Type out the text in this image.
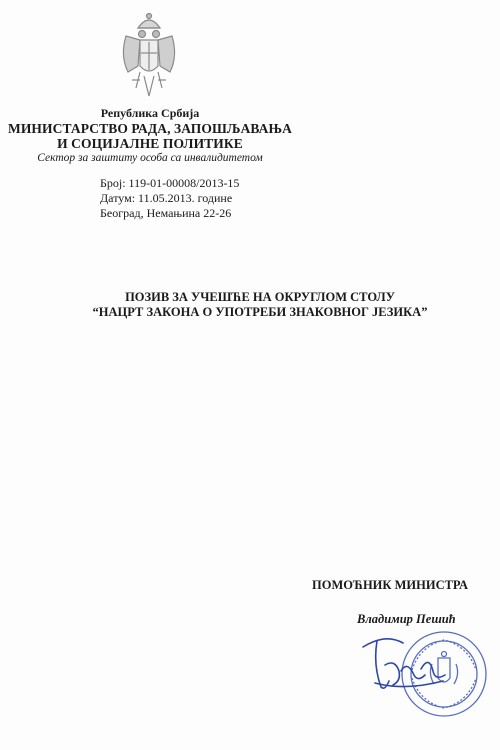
Република Србија
МИНИСТАРСТВО РАДА, ЗАПОШЉАВАЊА
И СОЦИЈАЛНЕ ПОЛИТИКЕ
Сектор за заштиту особа са инвалидитетом
Број: 119-01-00008/2013-15
Датум: 11.05.2013. године
Београд, Немањина 22-26
ПОЗИВ ЗА УЧЕШЋЕ НА ОКРУГЛОМ СТОЛУ
“НАЦРТ ЗАКОНА О УПОТРЕБИ ЗНАКОВНОГ ЈЕЗИКА”
ПОМОЋНИК МИНИСТРА
Владимир Пешић
